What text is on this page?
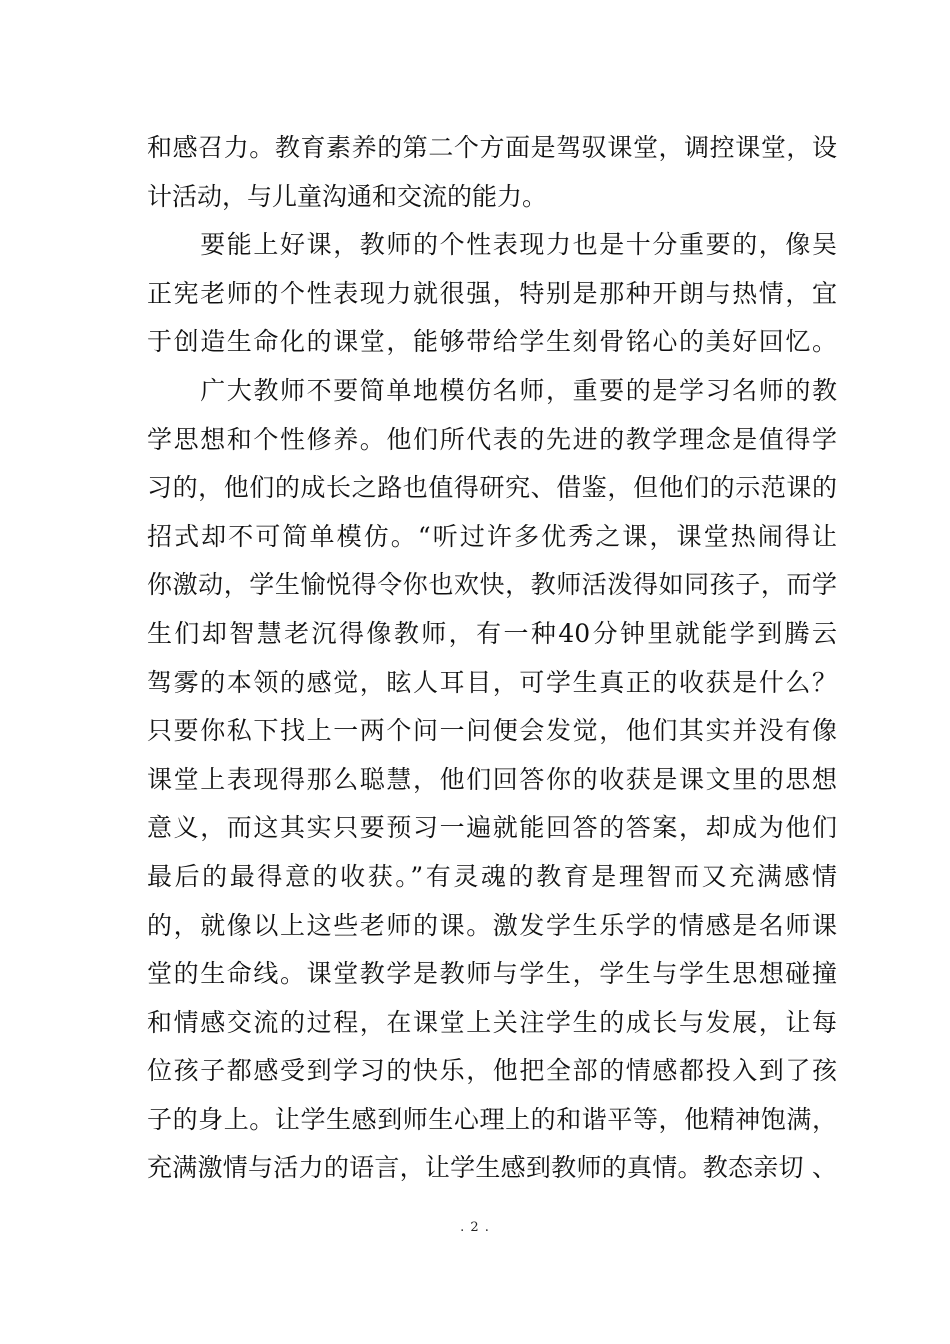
和感召力。教育素养的第二个方面是驾驭课堂，调控课堂，设
计活动，与儿童沟通和交流的能力。
　　要能上好课，教师的个性表现力也是十分重要的，像吴
正宪老师的个性表现力就很强，特别是那种开朗与热情，宜
于创造生命化的课堂，能够带给学生刻骨铭心的美好回忆。
　　广大教师不要简单地模仿名师，重要的是学习名师的教
学思想和个性修养。他们所代表的先进的教学理念是值得学
习的，他们的成长之路也值得研究、借鉴，但他们的示范课的
招式却不可简单模仿。“听过许多优秀之课，课堂热闹得让
你激动，学生愉悦得令你也欢快，教师活泼得如同孩子，而学
生们却智慧老沉得像教师，有一种40分钟里就能学到腾云
驾雾的本领的感觉，眩人耳目，可学生真正的收获是什么？
只要你私下找上一两个问一问便会发觉，他们其实并没有像
课堂上表现得那么聪慧，他们回答你的收获是课文里的思想
意义，而这其实只要预习一遍就能回答的答案，却成为他们
最后的最得意的收获。”有灵魂的教育是理智而又充满感情
的，就像以上这些老师的课。激发学生乐学的情感是名师课
堂的生命线。课堂教学是教师与学生，学生与学生思想碰撞
和情感交流的过程，在课堂上关注学生的成长与发展，让每
位孩子都感受到学习的快乐，他把全部的情感都投入到了孩
子的身上。让学生感到师生心理上的和谐平等，他精神饱满，
充满激情与活力的语言，让学生感到教师的真情。教态亲切 、
. 2 .
